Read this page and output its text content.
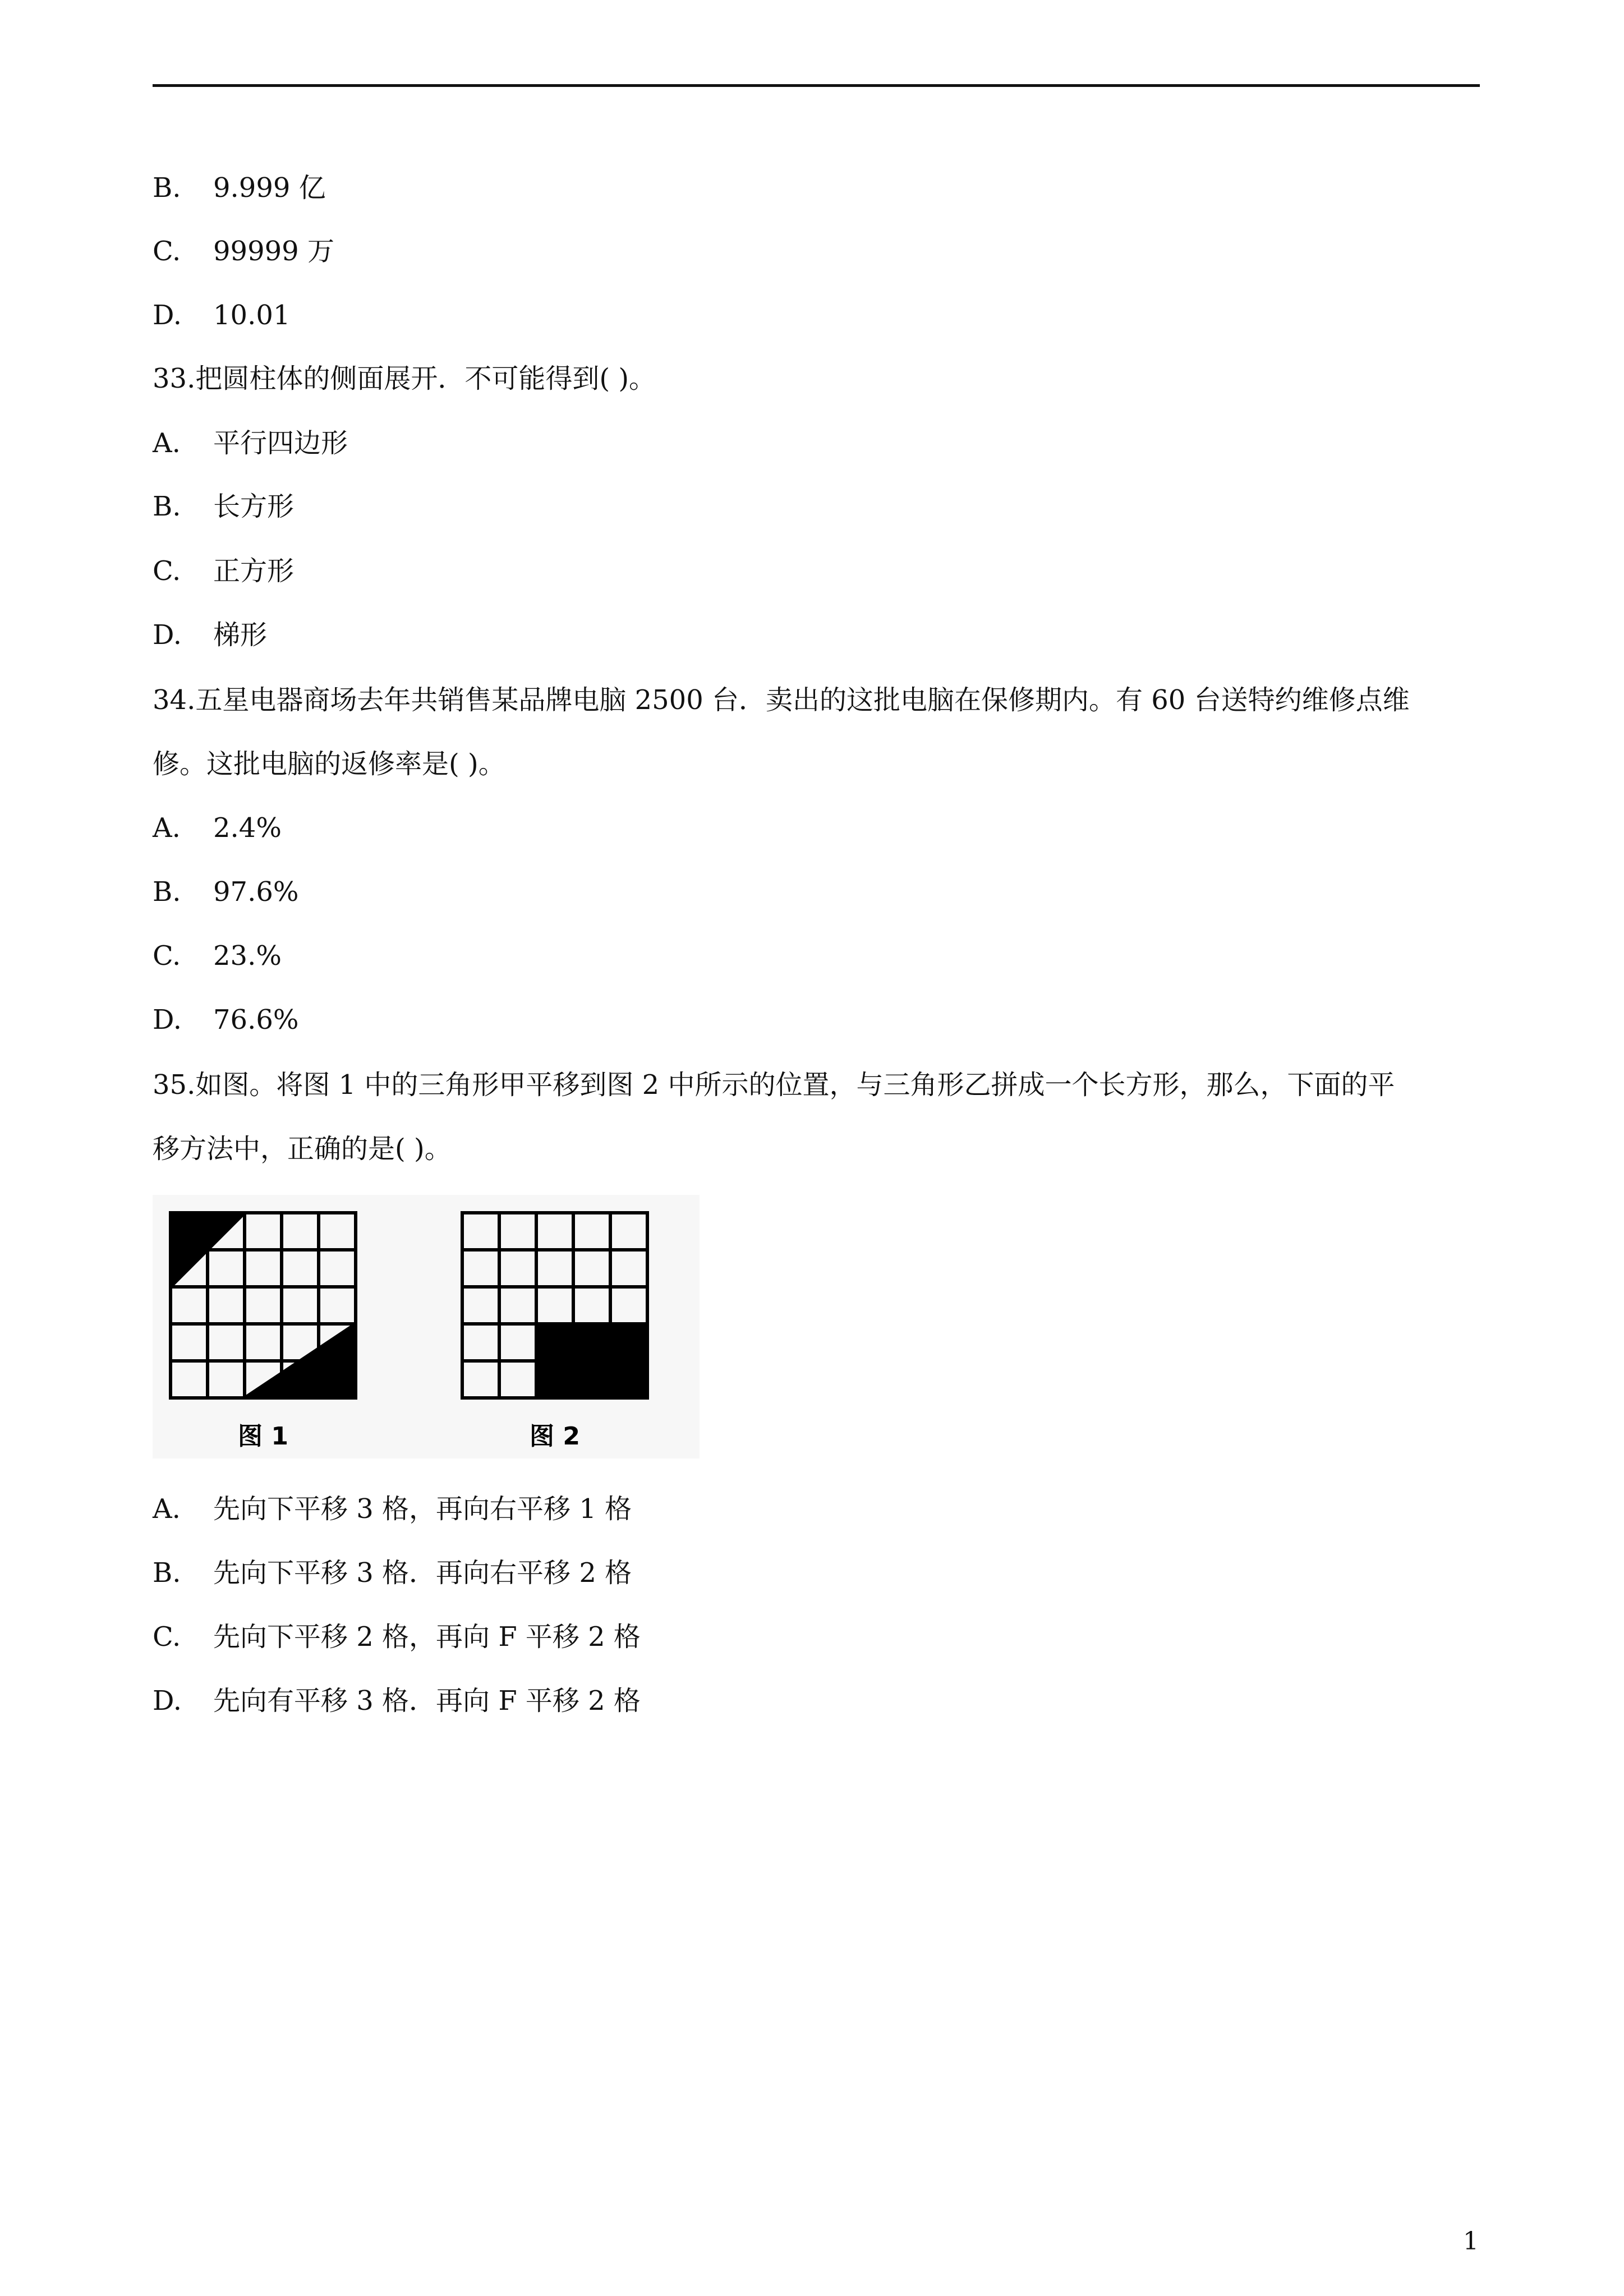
B. 9.999 亿
C. 99999 万
D. 10.01
33.把圆柱体的侧面展开．不可能得到( )。
A. 平行四边形
B. 长方形
C. 正方形
D. 梯形
34.五星电器商场去年共销售某品牌电脑 2500 台．卖出的这批电脑在保修期内。有 60 台送特约维修点维
修。这批电脑的返修率是( )。
A. 2.4%
B. 97.6%
C. 23.%
D. 76.6%
35.如图。将图 1 中的三角形甲平移到图 2 中所示的位置，与三角形乙拼成一个长方形，那么，下面的平
移方法中，正确的是( )。
图 1	图 2
A. 先向下平移 3 格，再向右平移 1 格
B. 先向下平移 3 格．再向右平移 2 格
C. 先向下平移 2 格，再向 F 平移 2 格
D. 先向有平移 3 格．再向 F 平移 2 格
1
